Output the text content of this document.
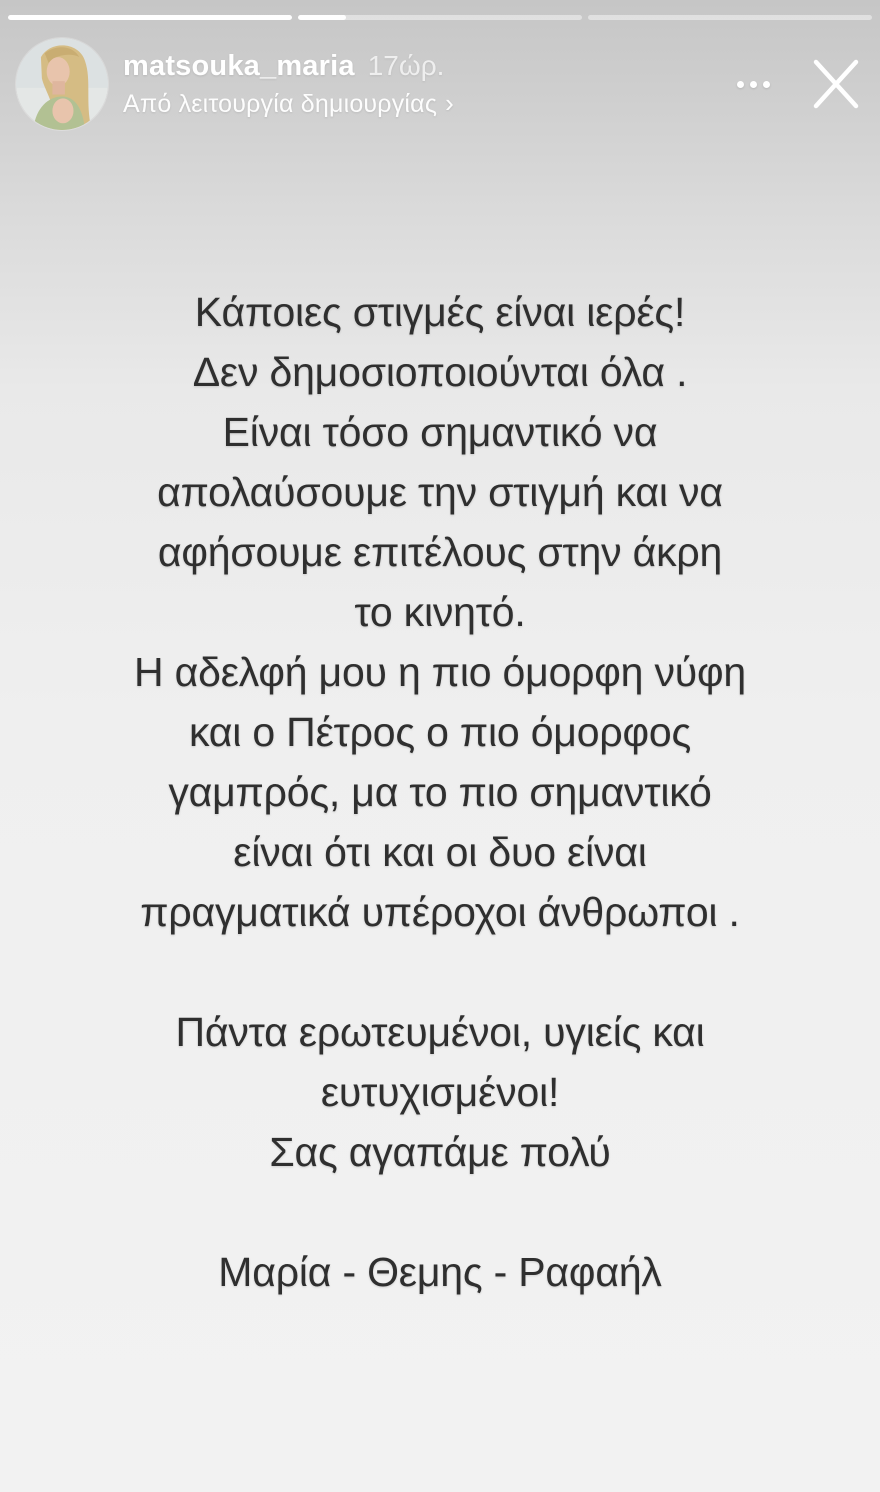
matsouka_maria 17ώρ.
Από λειτουργία δημιουργίας ›
Κάποιες στιγμές είναι ιερές!
Δεν δημοσιοποιούνται όλα .
Είναι τόσο σημαντικό να
απολαύσουμε την στιγμή και να
αφήσουμε επιτέλους στην άκρη
το κινητό.
Η αδελφή μου η πιο όμορφη νύφη
και ο Πέτρος ο πιο όμορφος
γαμπρός, μα το πιο σημαντικό
είναι ότι και οι δυο είναι
πραγματικά υπέροχοι άνθρωποι .

Πάντα ερωτευμένοι, υγιείς και
ευτυχισμένοι!
Σας αγαπάμε πολύ

Μαρία - Θεμης - Ραφαήλ
